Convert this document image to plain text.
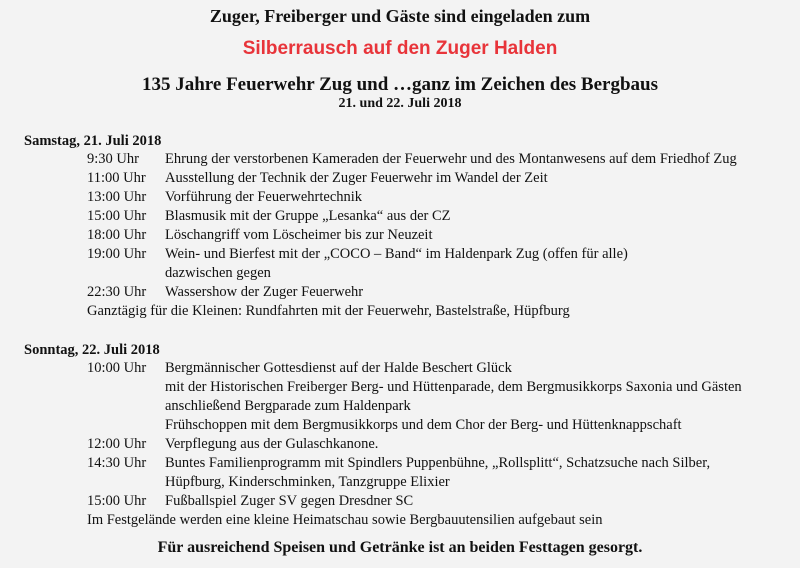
Zuger, Freiberger und Gäste sind eingeladen zum
Silberrausch auf den Zuger Halden
135 Jahre Feuerwehr Zug und …ganz im Zeichen des Bergbaus
21. und 22. Juli 2018
Samstag, 21. Juli 2018
9:30 Uhr Ehrung der verstorbenen Kameraden der Feuerwehr und des Montanwesens auf dem Friedhof Zug
11:00 Uhr Ausstellung der Technik der Zuger Feuerwehr im Wandel der Zeit
13:00 Uhr Vorführung der Feuerwehrtechnik
15:00 Uhr Blasmusik mit der Gruppe „Lesanka“ aus der CZ
18:00 Uhr Löschangriff vom Löscheimer bis zur Neuzeit
19:00 Uhr Wein- und Bierfest mit der „COCO – Band“ im Haldenpark Zug (offen für alle)
dazwischen gegen
22:30 Uhr Wassershow der Zuger Feuerwehr
Ganztägig für die Kleinen: Rundfahrten mit der Feuerwehr, Bastelstraße, Hüpfburg
Sonntag, 22. Juli 2018
10:00 Uhr Bergmännischer Gottesdienst auf der Halde Beschert Glück
mit der Historischen Freiberger Berg- und Hüttenparade, dem Bergmusikkorps Saxonia und Gästen
anschließend Bergparade zum Haldenpark
Frühschoppen mit dem Bergmusikkorps und dem Chor der Berg- und Hüttenknappschaft
12:00 Uhr Verpflegung aus der Gulaschkanone.
14:30 Uhr Buntes Familienprogramm mit Spindlers Puppenbühne, „Rollsplitt“, Schatzsuche nach Silber,
Hüpfburg, Kinderschminken, Tanzgruppe Elixier
15:00 Uhr Fußballspiel Zuger SV gegen Dresdner SC
Im Festgelände werden eine kleine Heimatschau sowie Bergbauutensilien aufgebaut sein
Für ausreichend Speisen und Getränke ist an beiden Festtagen gesorgt.
